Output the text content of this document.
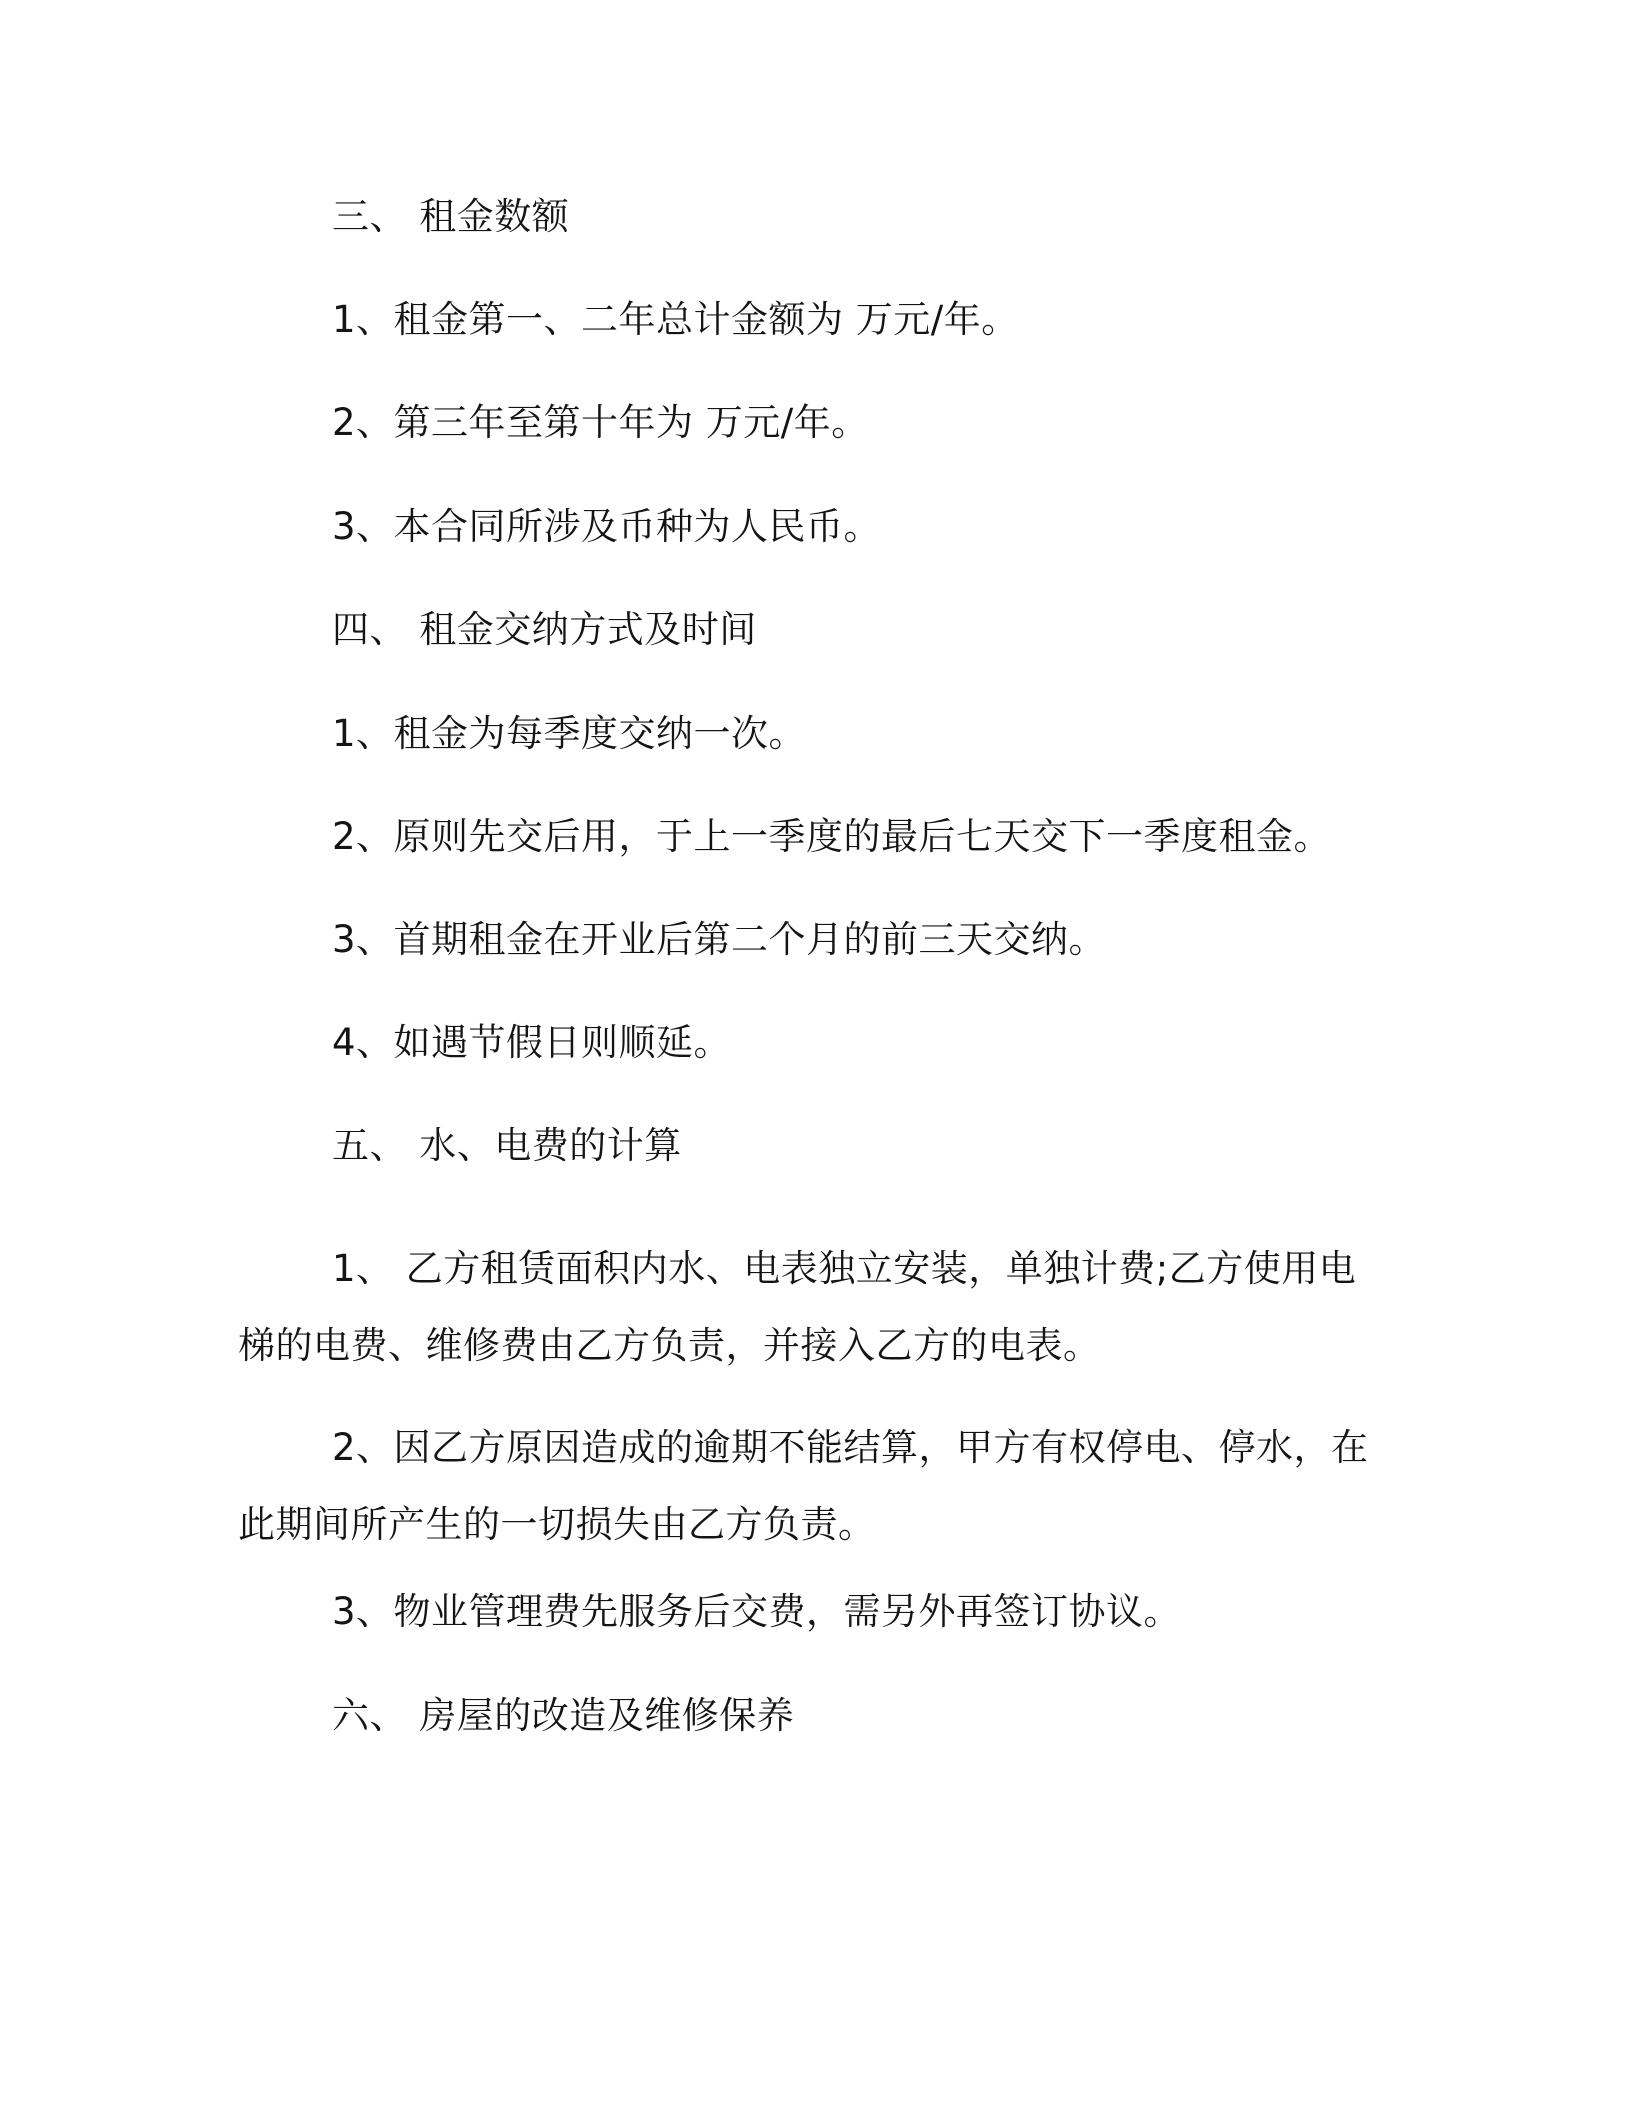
三、 租金数额
1、租金第一、二年总计金额为 万元/年。
2、第三年至第十年为 万元/年。
3、本合同所涉及币种为人民币。
四、 租金交纳方式及时间
1、租金为每季度交纳一次。
2、原则先交后用，于上一季度的最后七天交下一季度租金。
3、首期租金在开业后第二个月的前三天交纳。
4、如遇节假日则顺延。
五、 水、电费的计算
1、 乙方租赁面积内水、电表独立安装，单独计费;乙方使用电梯的电费、维修费由乙方负责，并接入乙方的电表。
2、因乙方原因造成的逾期不能结算，甲方有权停电、停水，在此期间所产生的一切损失由乙方负责。
3、物业管理费先服务后交费，需另外再签订协议。
六、 房屋的改造及维修保养
